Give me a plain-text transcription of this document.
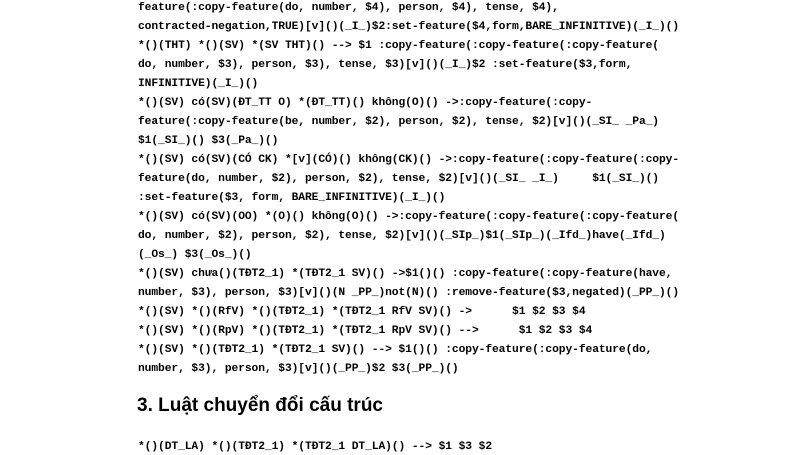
feature(:copy-feature(do, number, $4), person, $4), tense, $4),
contracted-negation,TRUE)[v]()(_I_)$2:set-feature($4,form,BARE_INFINITIVE)(_I_)()
*()(THT) *()(SV) *(SV THT)() --> $1 :copy-feature(:copy-feature(:copy-feature(
do, number, $3), person, $3), tense, $3)[v]()(_I_)$2 :set-feature($3,form,
INFINITIVE)(_I_)()
*()(SV) có(SV)(ĐT_TT O) *(ĐT_TT)() không(O)() ->:copy-feature(:copy-
feature(:copy-feature(be, number, $2), person, $2), tense, $2)[v]()(_SI_ _Pa_)
$1(_SI_)() $3(_Pa_)()
*()(SV) có(SV)(CÓ CK) *[v](CÓ)() không(CK)() ->:copy-feature(:copy-feature(:copy-
feature(do, number, $2), person, $2), tense, $2)[v]()(_SI_ _I_)     $1(_SI_)()
:set-feature($3, form, BARE_INFINITIVE)(_I_)()
*()(SV) có(SV)(OO) *(O)() không(O)() ->:copy-feature(:copy-feature(:copy-feature(
do, number, $2), person, $2), tense, $2)[v]()(_SIp_)$1(_SIp_)(_Ifd_)have(_Ifd_)
(_Os_) $3(_Os_)()
*()(SV) chưa()(TĐT2_1) *(TĐT2_1 SV)() ->$1()() :copy-feature(:copy-feature(have,
number, $3), person, $3)[v]()(N _PP_)not(N)() :remove-feature($3,negated)(_PP_)()
*()(SV) *()(RfV) *()(TĐT2_1) *(TĐT2_1 RfV SV)() ->      $1 $2 $3 $4
*()(SV) *()(RpV) *()(TĐT2_1) *(TĐT2_1 RpV SV)() -->      $1 $2 $3 $4
*()(SV) *()(TĐT2_1) *(TĐT2_1 SV)() --> $1()() :copy-feature(:copy-feature(do,
number, $3), person, $3)[v]()(_PP_)$2 $3(_PP_)()
3. Luật chuyển đổi cấu trúc
*()(DT_LA) *()(TĐT2_1) *(TĐT2_1 DT_LA)() --> $1 $3 $2
